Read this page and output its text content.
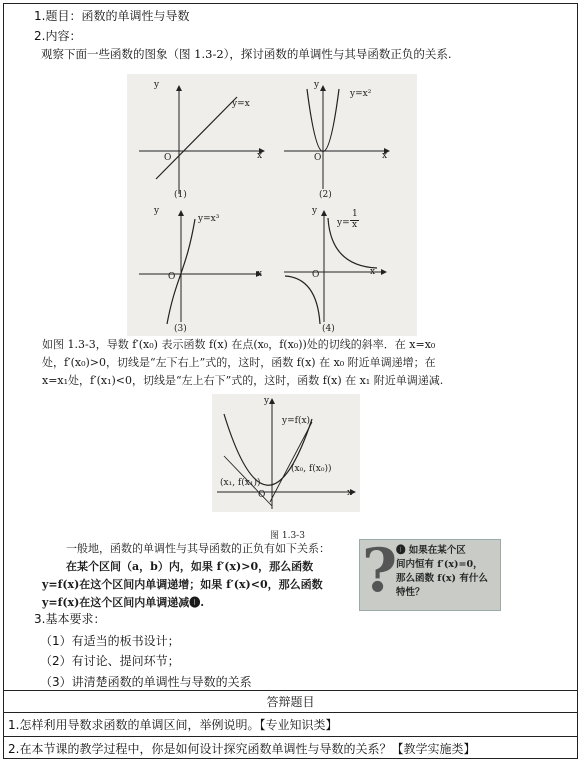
1.题目：函数的单调性与导数
2.内容：
观察下面一些函数的图象（图 1.3-2），探讨函数的单调性与其导函数正负的关系.
y
x
O
y=x
(1)
y
x
O
y=x²
(2)
y
x
O
y=x³
(3)
y
x
O
y=
1
x
(4)
如图 1.3-3，导数 f′(x₀) 表示函数 f(x) 在点(x₀，f(x₀))处的切线的斜率．在 x=x₀
处，f′(x₀)>0，切线是“左下右上”式的，这时，函数 f(x) 在 x₀ 附近单调递增；在
x=x₁处，f′(x₁)<0，切线是“左上右下”式的，这时，函数 f(x) 在 x₁ 附近单调递减.
y
x
O
y=f(x)
(x₁, f(x₁))
(x₀, f(x₀))
图 1.3-3
一般地，函数的单调性与其导函数的正负有如下关系：
在某个区间（a，b）内，如果 f′(x)>0，那么函数
y=f(x)在这个区间内单调递增；如果 f′(x)<0，那么函数
y=f(x)在这个区间内单调递减❶.	?
❶ 如果在某个区
间内恒有 f′(x)=0，
那么函数 f(x) 有什么
特性？
3.基本要求：
（1）有适当的板书设计；
（2）有讨论、提问环节；
（3）讲清楚函数的单调性与导数的关系
答辩题目
1.怎样利用导数求函数的单调区间，举例说明。【专业知识类】
2.在本节课的教学过程中，你是如何设计探究函数单调性与导数的关系？【教学实施类】
